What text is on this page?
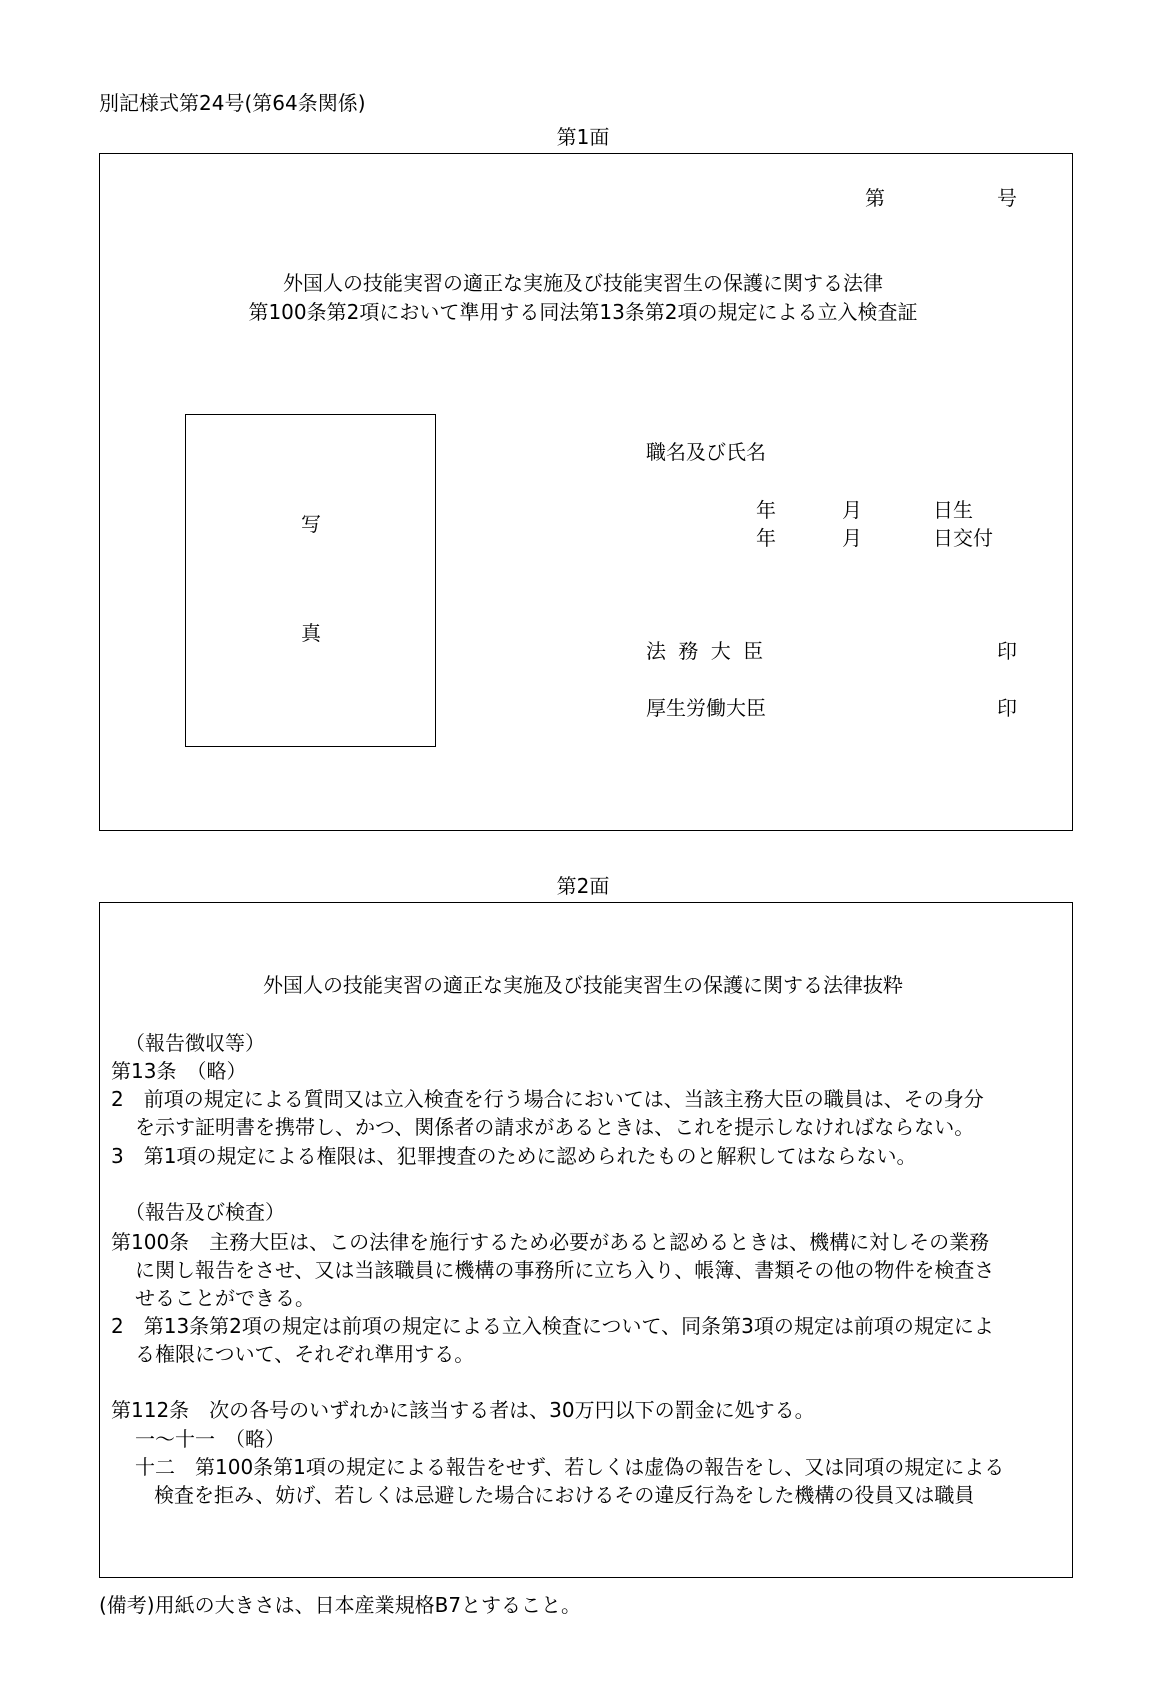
別記様式第24号(第64条関係)
第1面
第	号
外国人の技能実習の適正な実施及び技能実習生の保護に関する法律
第100条第2項において準用する同法第13条第2項の規定による立入検査証
写
真
職名及び氏名
年	月	日生
年	月	日交付
法 務 大 臣	印
厚生労働大臣	印
第2面
外国人の技能実習の適正な実施及び技能実習生の保護に関する法律抜粋
（報告徴収等）
第13条　（略）
2　前項の規定による質問又は立入検査を行う場合においては、当該主務大臣の職員は、その身分
を示す証明書を携帯し、かつ、関係者の請求があるときは、これを提示しなければならない。
3　第1項の規定による権限は、犯罪捜査のために認められたものと解釈してはならない。
（報告及び検査）
第100条　主務大臣は、この法律を施行するため必要があると認めるときは、機構に対しその業務
に関し報告をさせ、又は当該職員に機構の事務所に立ち入り、帳簿、書類その他の物件を検査さ
せることができる。
2　第13条第2項の規定は前項の規定による立入検査について、同条第3項の規定は前項の規定によ
る権限について、それぞれ準用する。
第112条　次の各号のいずれかに該当する者は、30万円以下の罰金に処する。
一～十一　（略）
十二　第100条第1項の規定による報告をせず、若しくは虚偽の報告をし、又は同項の規定による
検査を拒み、妨げ、若しくは忌避した場合におけるその違反行為をした機構の役員又は職員
(備考)用紙の大きさは、日本産業規格B7とすること。
